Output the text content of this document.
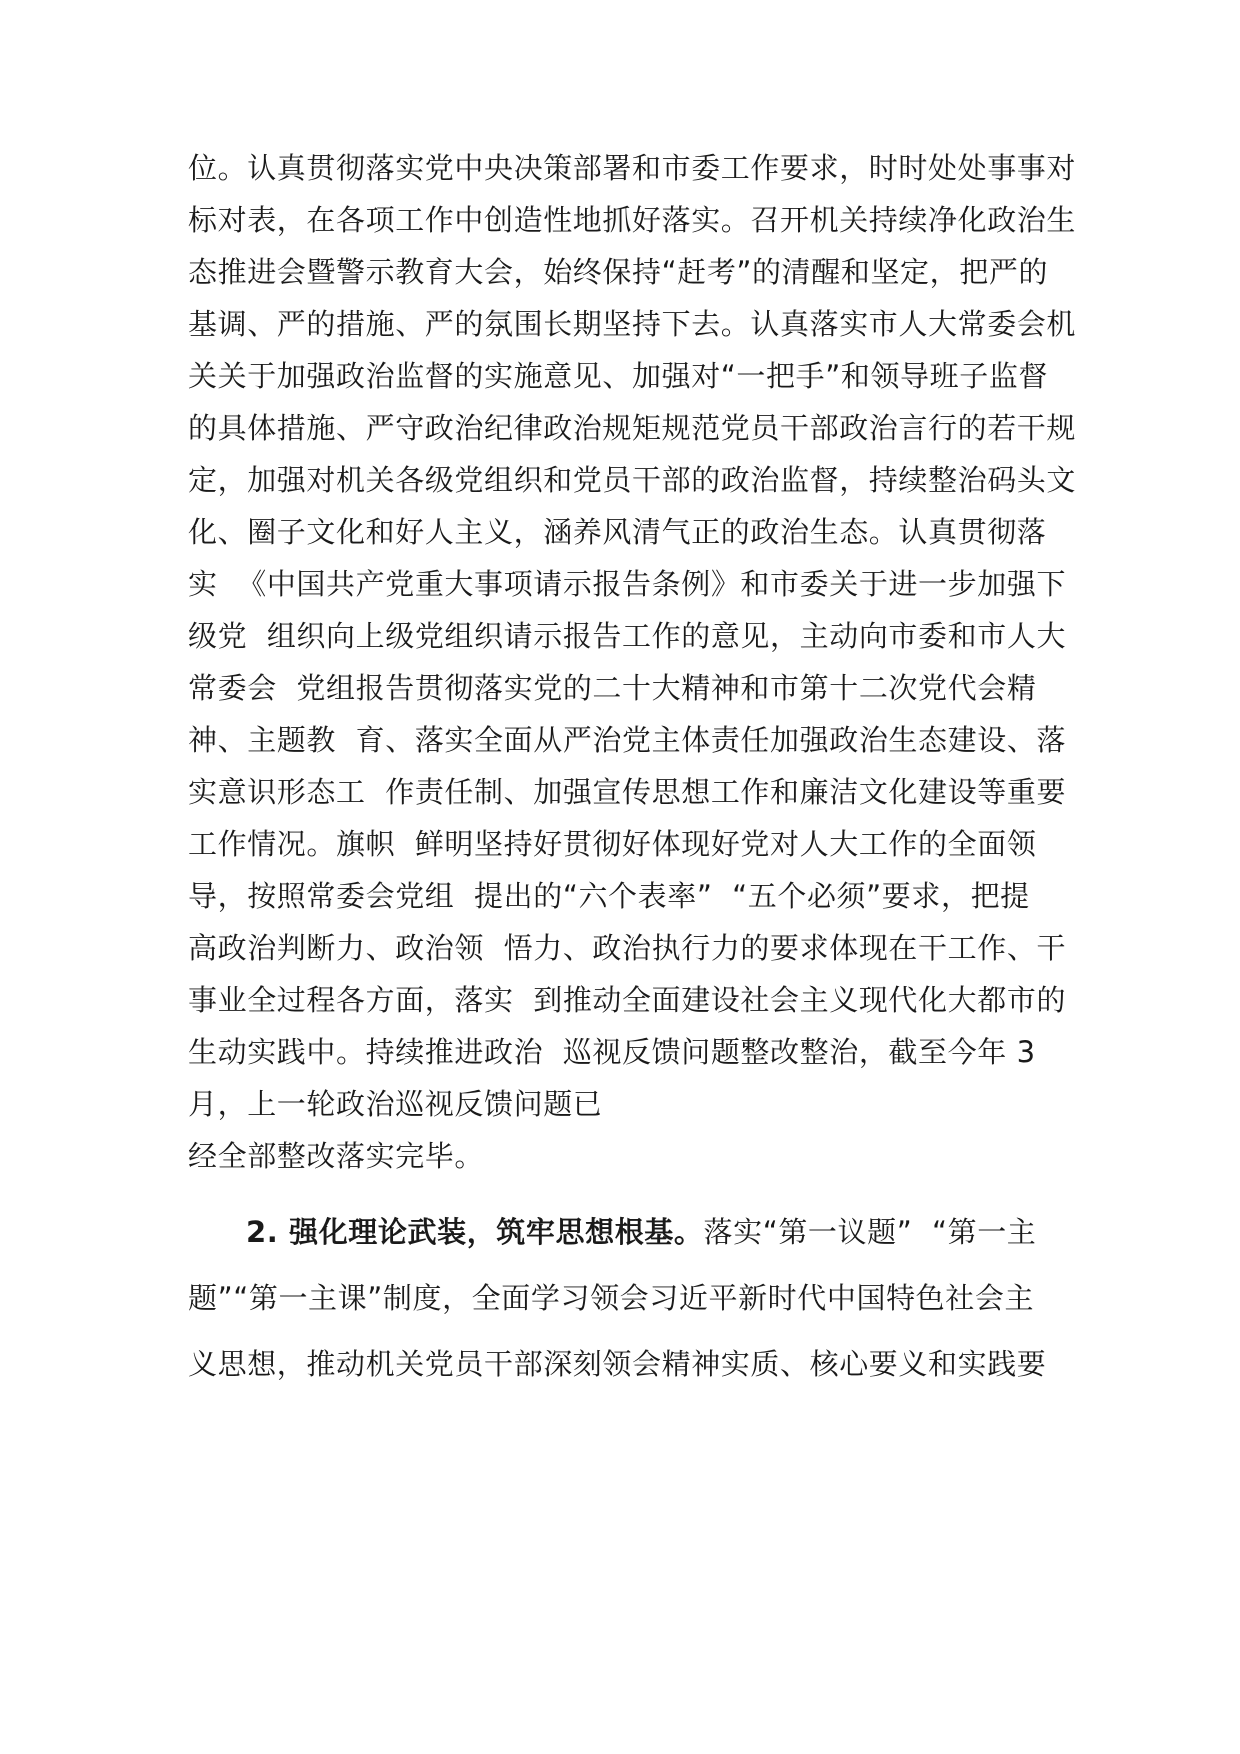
位。认真贯彻落实党中央决策部署和市委工作要求，时时处处事事对
标对表，在各项工作中创造性地抓好落实。召开机关持续净化政治生
态推进会暨警示教育大会，始终保持“赶考”的清醒和坚定，把严的
基调、严的措施、严的氛围长期坚持下去。认真落实市人大常委会机
关关于加强政治监督的实施意见、加强对“一把手”和领导班子监督
的具体措施、严守政治纪律政治规矩规范党员干部政治言行的若干规
定，加强对机关各级党组织和党员干部的政治监督，持续整治码头文
化、圈子文化和好人主义，涵养风清气正的政治生态。认真贯彻落
实  《中国共产党重大事项请示报告条例》和市委关于进一步加强下
级党  组织向上级党组织请示报告工作的意见，主动向市委和市人大
常委会  党组报告贯彻落实党的二十大精神和市第十二次党代会精
神、主题教  育、落实全面从严治党主体责任加强政治生态建设、落
实意识形态工  作责任制、加强宣传思想工作和廉洁文化建设等重要
工作情况。旗帜  鲜明坚持好贯彻好体现好党对人大工作的全面领
导，按照常委会党组  提出的“六个表率”  “五个必须”要求，把提
高政治判断力、政治领  悟力、政治执行力的要求体现在干工作、干
事业全过程各方面，落实  到推动全面建设社会主义现代化大都市的
生动实践中。持续推进政治  巡视反馈问题整改整治，截至今年 3
月，上一轮政治巡视反馈问题已
经全部整改落实完毕。
2. 强化理论武装，筑牢思想根基。落实“第一议题”  “第一主
题”“第一主课”制度，全面学习领会习近平新时代中国特色社会主
义思想，推动机关党员干部深刻领会精神实质、核心要义和实践要
